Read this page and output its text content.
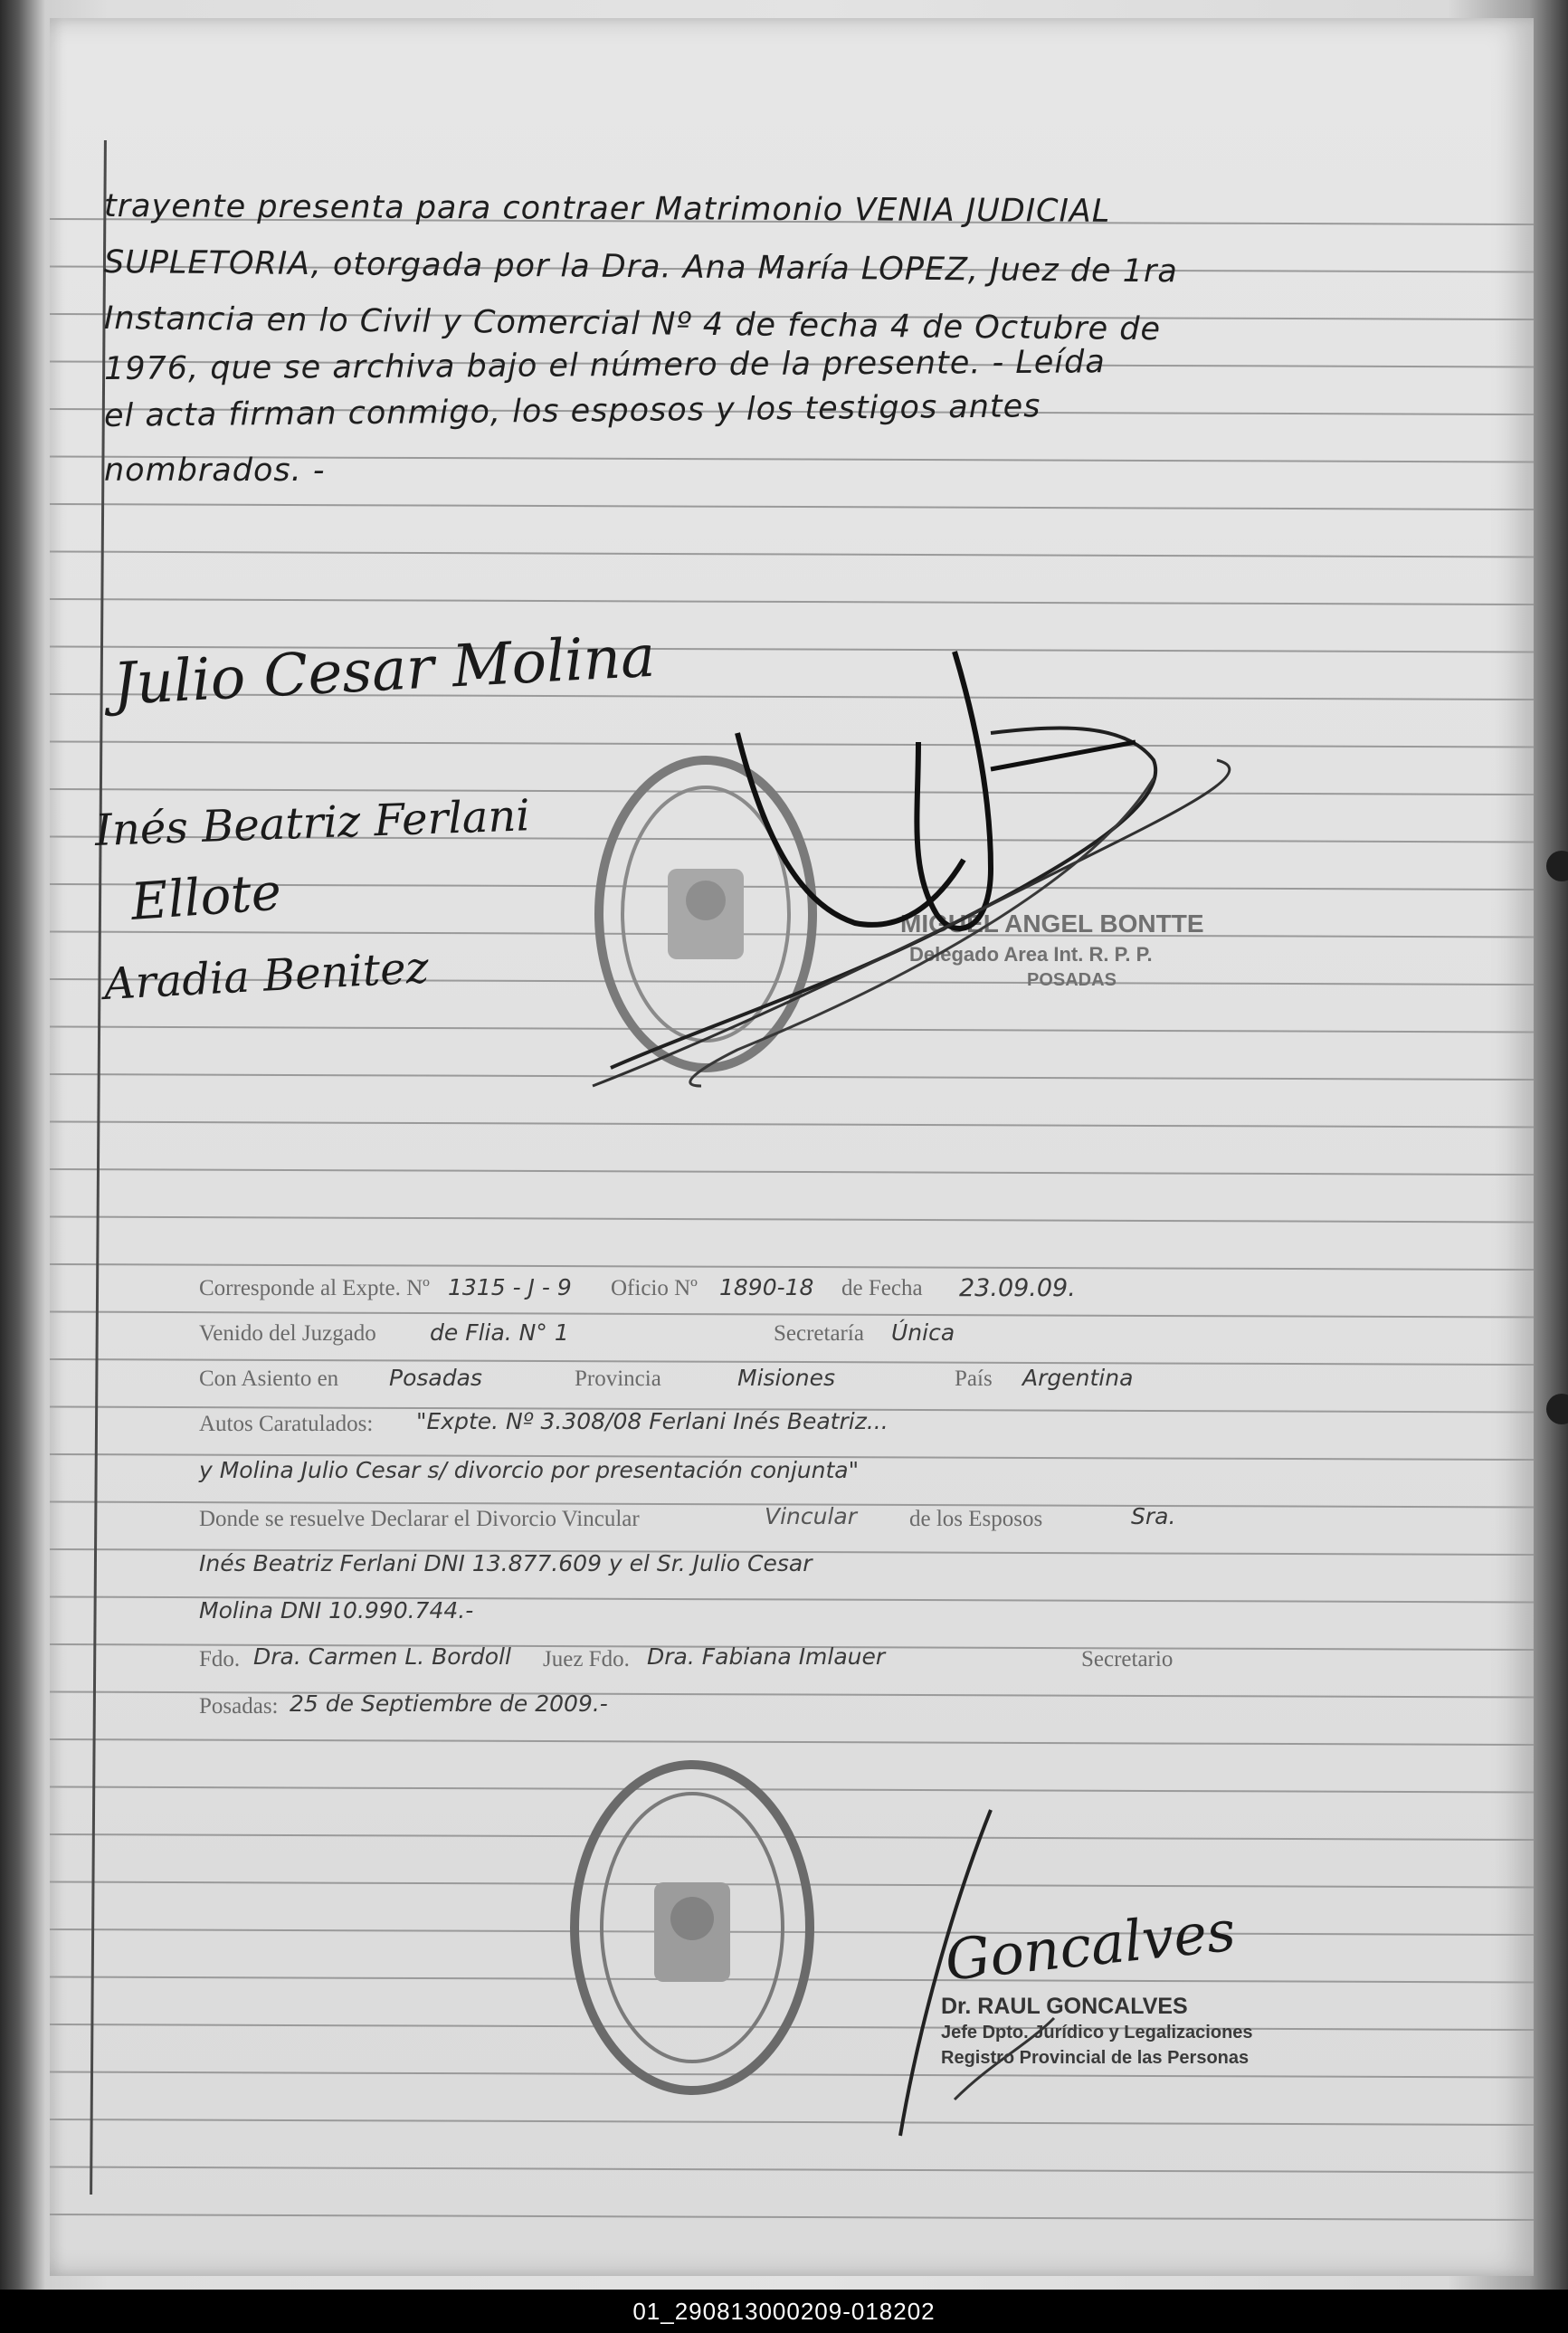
trayente presenta para contraer Matrimonio VENIA JUDICIAL
SUPLETORIA, otorgada por la Dra. Ana María LOPEZ, Juez de 1ra
Instancia en lo Civil y Comercial Nº 4 de fecha 4 de Octubre de
1976, que se archiva bajo el número de la presente. - Leída
el acta firman conmigo, los esposos y los testigos antes
nombrados. -
Julio Cesar Molina
Inés Beatriz Ferlani
Ellote
Aradia Benitez
MIGUEL ANGEL BONTTE
Delegado Area Int. R. P. P.
POSADAS
Corresponde al Expte. Nº 1315 - J - 9 Oficio Nº 1890-18 de Fecha 23.09.09.
Venido del Juzgado de Flia. N° 1	Secretaría Única
Con Asiento en Posadas	Provincia	Misiones	País Argentina
Autos Caratulados: "Expte. Nº 3.308/08 Ferlani Inés Beatriz...
y Molina Julio Cesar s/ divorcio por presentación conjunta"
Donde se resuelve Declarar el Divorcio Vincular	Vincular de los Esposos	Sra.
Inés Beatriz Ferlani DNI 13.877.609 y el Sr. Julio Cesar
Molina DNI 10.990.744.-
Fdo. Dra. Carmen L. Bordoll Juez Fdo. Dra. Fabiana Imlauer	Secretario
Posadas: 25 de Septiembre de 2009.-
Goncalves
Dr. RAUL GONCALVES
Jefe Dpto. Jurídico y Legalizaciones
Registro Provincial de las Personas
01_290813000209-018202
